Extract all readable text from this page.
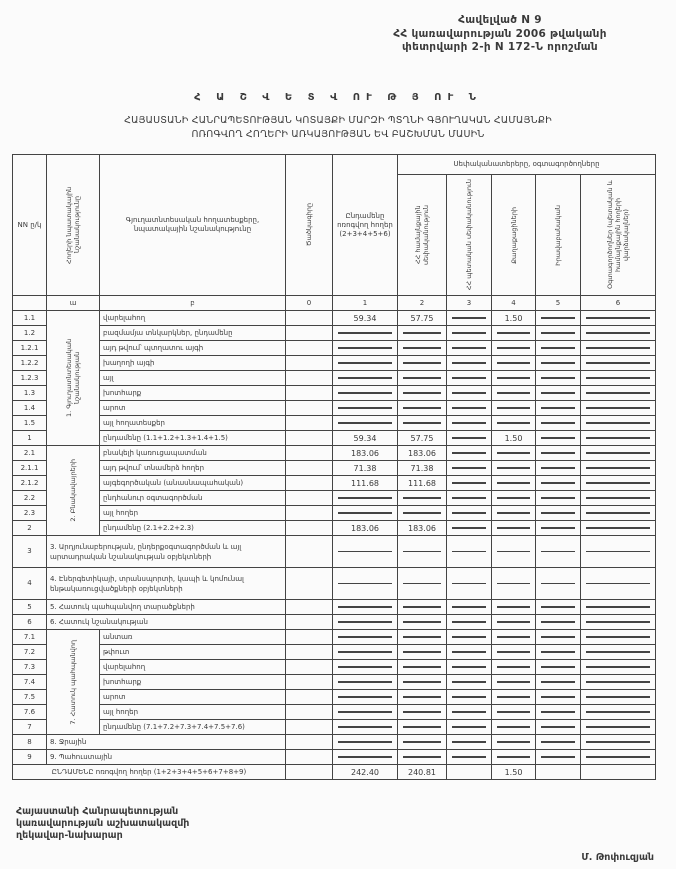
Հավելված N 9
ՀՀ կառավարության 2006 թվականի
փետրվարի 2-ի N 172-Ն որոշման
Հ Ա Շ Վ Ե Տ Վ ՈՒ Թ Յ ՈՒ Ն
ՀԱՅԱՍՏԱՆԻ ՀԱՆՐԱՊԵՏՈՒԹՅԱՆ ԿՈՏԱՅՔԻ ՄԱՐԶԻ ՊՏՂՆԻ ԳՅՈՒՂԱԿԱՆ ՀԱՄԱՅՆՔԻ
ՈՌՈԳՎՈՂ ՀՈՂԵՐԻ ԱՌԿԱՅՈՒԹՅԱՆ ԵՎ ԲԱՇԽՄԱՆ ՄԱՍԻՆ
NN ը/կ	Հողերի նպատակային նշանակությունը	Գյուղատնտեսական հողատեսքերը, նպատակային նշանակությունը	Ծածկագիրը	Ընդամենը ոռոգվող հողեր (2+3+4+5+6)	Սեփականատերերը, օգտագործողները				

					ՀՀ համայնքային սեփականություն	ՀՀ պետական սեփականություն	Քաղաքացիների	Իրավաբանական	Օգտագործողներ (պետական և համայնքային հողերի վարձակալներ)

	ա	բ	0	1	2	3	4	5	6
1.1	1. Գյուղատնտեսական նշանակության	վարելահող		59.34	57.75		1.50	

1.2		բազմամյա տնկարկներ, ընդամենը							

1.2.1		այդ թվում՝ պտղատու այգի							

1.2.2		խաղողի այգի							

1.2.3		այլ							

1.3		խոտհարք							

1.4		արոտ							

1.5		այլ հողատեսքեր							

1		ընդամենը (1.1+1.2+1.3+1.4+1.5)		59.34	57.75		1.50	

2.1	2. Բնակավայրերի	բնակելի կառուցապատման		183.06	183.06	

2.1.1		այդ թվում՝ տնամերձ հողեր		71.38	71.38	

2.1.2		այգեգործական (անասնապահական)		111.68	111.68	

2.2		ընդհանուր օգտագործման							

2.3		այլ հողեր							

2		ընդամենը (2.1+2.2+2.3)		183.06	183.06	

3	3. Արդյունաբերության, ընդերքօգտագործման և այլ արտադրական նշանակության օբյեկտների								

4	4. Էներգետիկայի, տրանսպորտի, կապի և կոմունալ ենթակառուցվածքների օբյեկտների								

5	5. Հատուկ պահպանվող տարածքների								

6	6. Հատուկ նշանակության								

7.1	7. Հատուկ պահպանվող	անտառ							

7.2		թփուտ							

7.3		վարելահող							

7.4		խոտհարք							

7.5		արոտ							

7.6		այլ հողեր							

7		ընդամենը (7.1+7.2+7.3+7.4+7.5+7.6)							

8	8. Ջրային								

9	9. Պահուստային								

ԸՆԴԱՄԵՆԸ ոռոգվող հողեր (1+2+3+4+5+6+7+8+9)				242.40	240.81		1.50		
Հայաստանի Հանրապետության
կառավարության աշխատակազմի
ղեկավար-նախարար
Մ. Թոփուզյան
